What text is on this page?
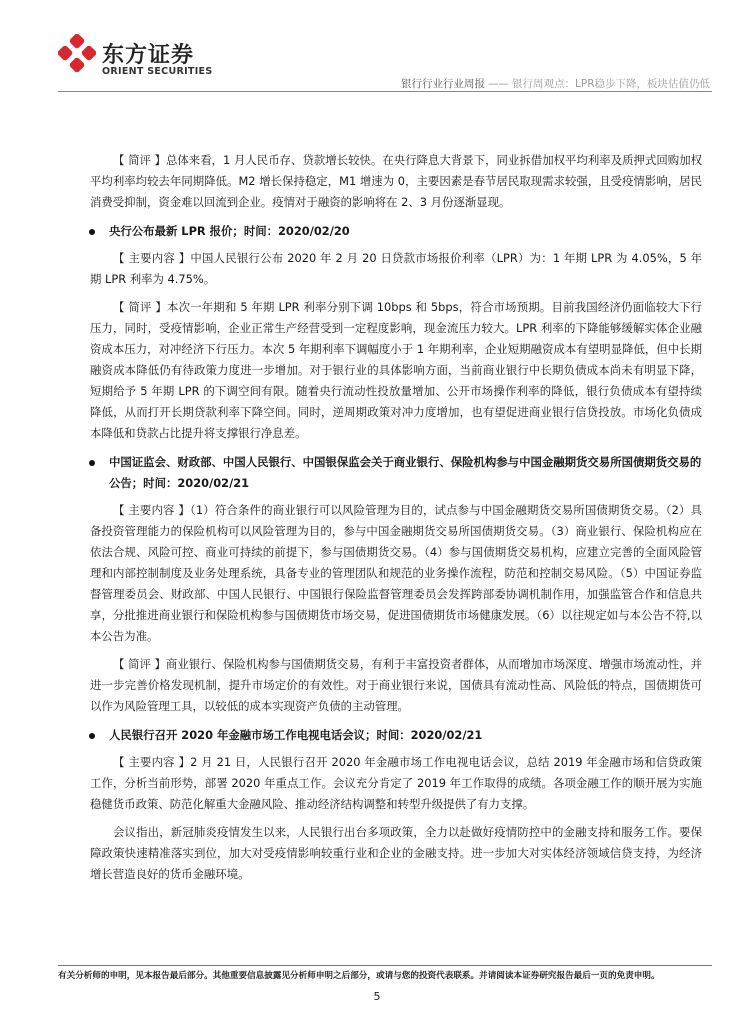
东方证券
ORIENT SECURITIES
银行行业行业周报 —— 银行周观点：LPR稳步下降，板块估值仍低

【 简评 】总体来看，1 月人民币存、贷款增长较快。在央行降息大背景下，同业拆借加权平均利率及质押式回购加权平均利率均较去年同期降低。M2 增长保持稳定，M1 增速为 0，主要因素是春节居民取现需求较强，且受疫情影响，居民消费受抑制，资金难以回流到企业。疫情对于融资的影响将在 2、3 月份逐渐显现。

央行公布最新 LPR 报价；时间：2020/02/20

【 主要内容 】中国人民银行公布 2020 年 2 月 20 日贷款市场报价利率（LPR）为：1 年期 LPR 为 4.05%，5 年期 LPR 利率为 4.75%。

【 简评 】本次一年期和 5 年期 LPR 利率分别下调 10bps 和 5bps，符合市场预期。目前我国经济仍面临较大下行压力，同时，受疫情影响，企业正常生产经营受到一定程度影响，现金流压力较大。LPR 利率的下降能够缓解实体企业融资成本压力，对冲经济下行压力。本次 5 年期利率下调幅度小于 1 年期利率，企业短期融资成本有望明显降低，但中长期融资成本降低仍有待政策力度进一步增加。对于银行业的具体影响方面，当前商业银行中长期负债成本尚未有明显下降，短期给予 5 年期 LPR 的下调空间有限。随着央行流动性投放量增加、公开市场操作利率的降低，银行负债成本有望持续降低，从而打开长期贷款利率下降空间。同时，逆周期政策对冲力度增加，也有望促进商业银行信贷投放。市场化负债成本降低和贷款占比提升将支撑银行净息差。

中国证监会、财政部、中国人民银行、中国银保监会关于商业银行、保险机构参与中国金融期货交易所国债期货交易的公告；时间：2020/02/21

【 主要内容 】（1）符合条件的商业银行可以风险管理为目的，试点参与中国金融期货交易所国债期货交易。（2）具备投资管理能力的保险机构可以风险管理为目的，参与中国金融期货交易所国债期货交易。（3）商业银行、保险机构应在依法合规、风险可控、商业可持续的前提下，参与国债期货交易。（4）参与国债期货交易机构，应建立完善的全面风险管理和内部控制制度及业务处理系统，具备专业的管理团队和规范的业务操作流程，防范和控制交易风险。（5）中国证券监督管理委员会、财政部、中国人民银行、中国银行保险监督管理委员会发挥跨部委协调机制作用，加强监管合作和信息共享，分批推进商业银行和保险机构参与国债期货市场交易，促进国债期货市场健康发展。（6）以往规定如与本公告不符,以本公告为准。

【 简评 】商业银行、保险机构参与国债期货交易，有利于丰富投资者群体，从而增加市场深度、增强市场流动性，并进一步完善价格发现机制，提升市场定价的有效性。对于商业银行来说，国债具有流动性高、风险低的特点，国债期货可以作为风险管理工具，以较低的成本实现资产负债的主动管理。

人民银行召开 2020 年金融市场工作电视电话会议；时间：2020/02/21

【 主要内容 】2 月 21 日，人民银行召开 2020 年金融市场工作电视电话会议，总结 2019 年金融市场和信贷政策工作，分析当前形势，部署 2020 年重点工作。会议充分肯定了 2019 年工作取得的成绩。各项金融工作的顺开展为实施稳健货币政策、防范化解重大金融风险、推动经济结构调整和转型升级提供了有力支撑。

会议指出，新冠肺炎疫情发生以来，人民银行出台多项政策，全力以赴做好疫情防控中的金融支持和服务工作。要保障政策快速精准落实到位，加大对受疫情影响较重行业和企业的金融支持。进一步加大对实体经济领域信贷支持，为经济增长营造良好的货币金融环境。

有关分析师的申明，见本报告最后部分。其他重要信息披露见分析师申明之后部分，或请与您的投资代表联系。并请阅读本证券研究报告最后一页的免责申明。
5
